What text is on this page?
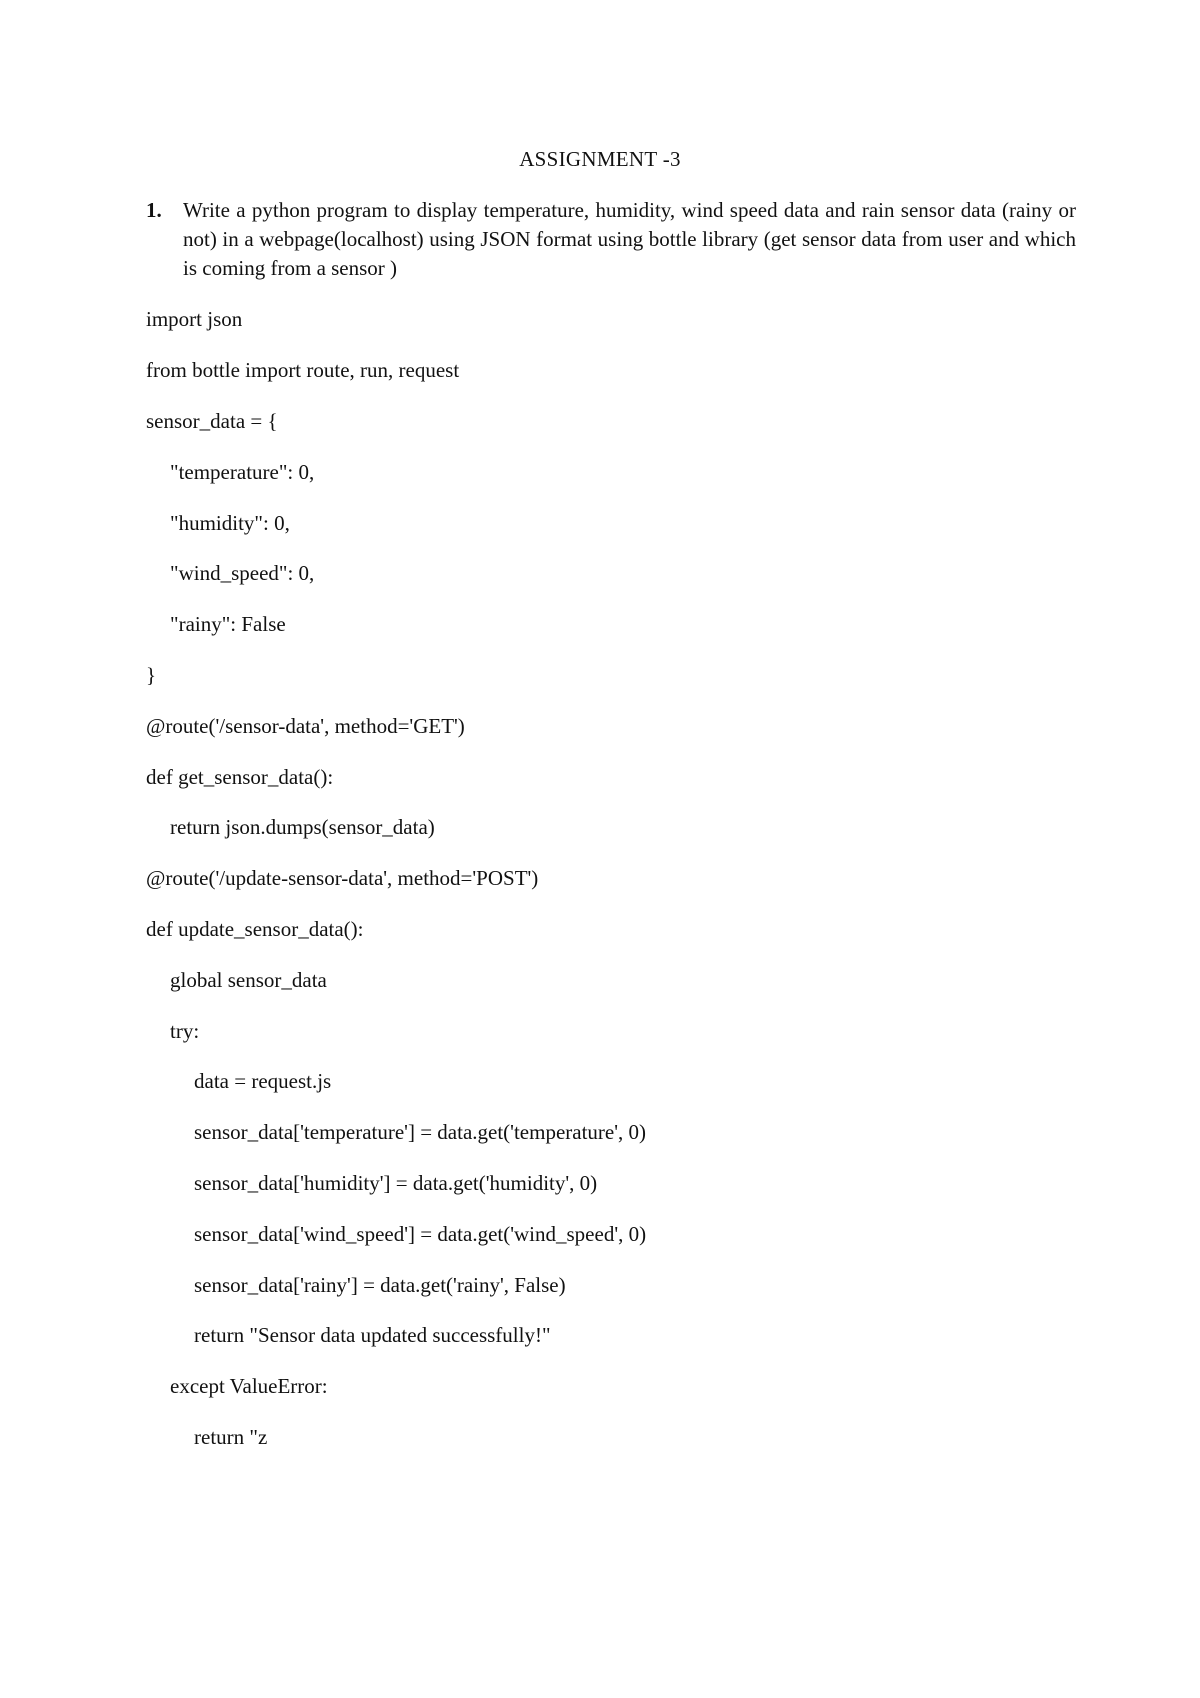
ASSIGNMENT -3
1. Write a python program to display temperature, humidity, wind speed data and rain sensor data (rainy or not) in a webpage(localhost) using JSON format using bottle library (get sensor data from user and which is coming from a sensor )
import json
from bottle import route, run, request
sensor_data = {
"temperature": 0,
"humidity": 0,
"wind_speed": 0,
"rainy": False
}
@route('/sensor-data', method='GET')
def get_sensor_data():
return json.dumps(sensor_data)
@route('/update-sensor-data', method='POST')
def update_sensor_data():
global sensor_data
try:
data = request.js
sensor_data['temperature'] = data.get('temperature', 0)
sensor_data['humidity'] = data.get('humidity', 0)
sensor_data['wind_speed'] = data.get('wind_speed', 0)
sensor_data['rainy'] = data.get('rainy', False)
return "Sensor data updated successfully!"
except ValueError:
return "z
